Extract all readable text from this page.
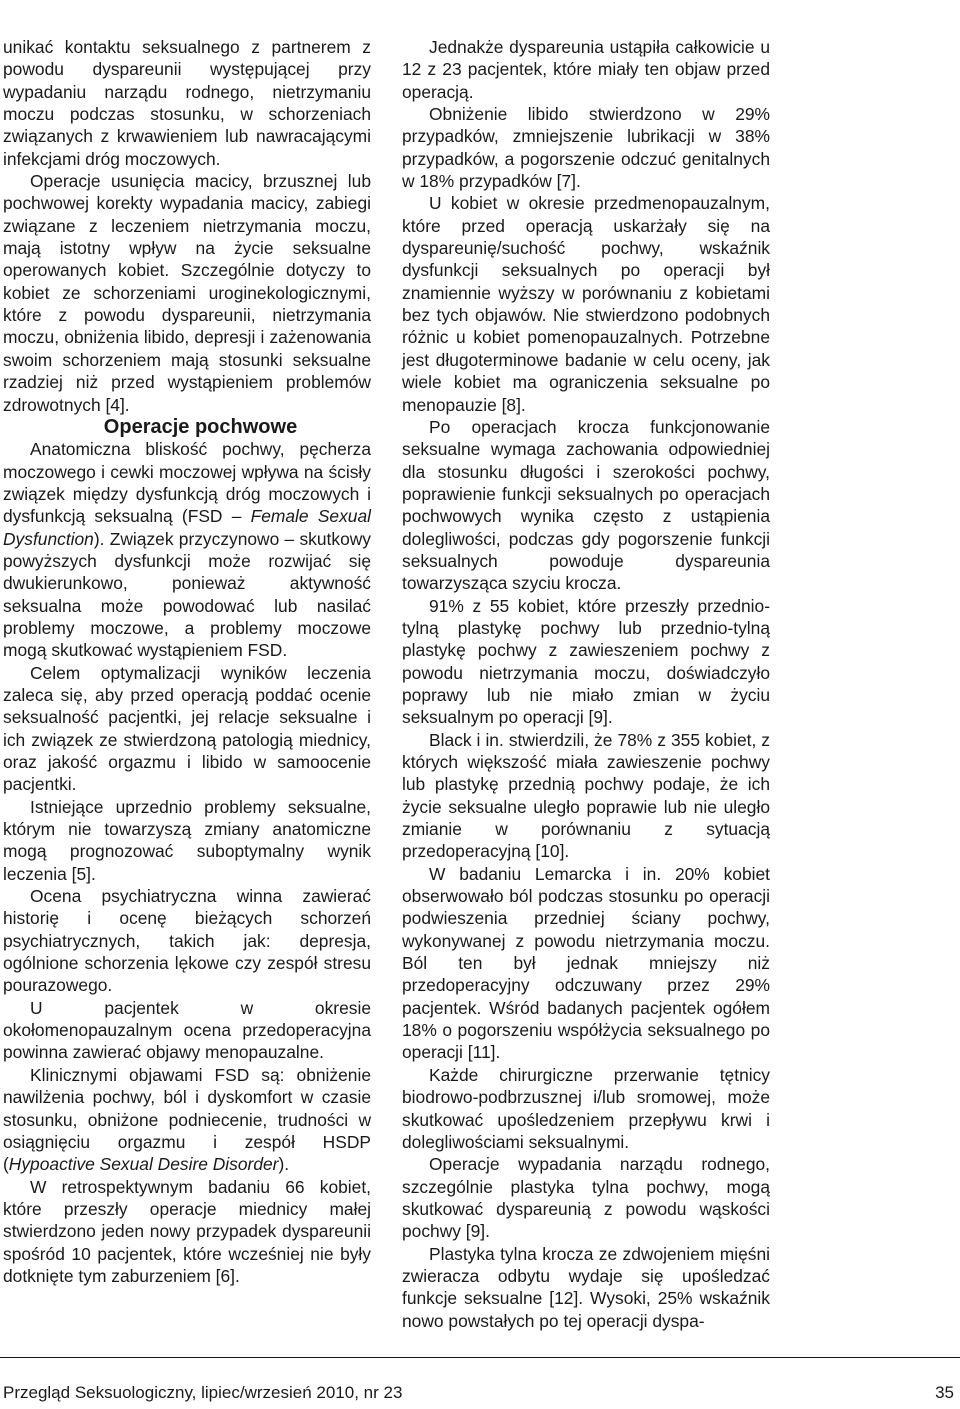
unikać kontaktu seksualnego z partnerem z powodu dyspareunii występującej przy wypadaniu narządu rodnego, nietrzymaniu moczu podczas stosunku, w schorzeniach związanych z krwawieniem lub nawracającymi infekcjami dróg moczowych.

Operacje usunięcia macicy, brzusznej lub pochwowej korekty wypadania macicy, zabiegi związane z leczeniem nietrzymania moczu, mają istotny wpływ na życie seksualne operowanych kobiet. Szczególnie dotyczy to kobiet ze schorzeniami uroginekologicznymi, które z powodu dyspareunii, nietrzymania moczu, obniżenia libido, depresji i zażenowania swoim schorzeniem mają stosunki seksualne rzadziej niż przed wystąpieniem problemów zdrowotnych [4].

Operacje pochwowe

Anatomiczna bliskość pochwy, pęcherza moczowego i cewki moczowej wpływa na ścisły związek między dysfunkcją dróg moczowych i dysfunkcją seksualną (FSD – Female Sexual Dysfunction). Związek przyczynowo – skutkowy powyższych dysfunkcji może rozwijać się dwukierunkowo, ponieważ aktywność seksualna może powodować lub nasilać problemy moczowe, a problemy moczowe mogą skutkować wystąpieniem FSD.

Celem optymalizacji wyników leczenia zaleca się, aby przed operacją poddać ocenie seksualność pacjentki, jej relacje seksualne i ich związek ze stwierdzoną patologią miednicy, oraz jakość orgazmu i libido w samoocenie pacjentki.

Istniejące uprzednio problemy seksualne, którym nie towarzyszą zmiany anatomiczne mogą prognozować suboptymalny wynik leczenia [5].

Ocena psychiatryczna winna zawierać historię i ocenę bieżących schorzeń psychiatrycznych, takich jak: depresja, ogólnione schorzenia lękowe czy zespół stresu pourazowego.

U pacjentek w okresie okołomenopauzalnym ocena przedoperacyjna powinna zawierać objawy menopauzalne.

Klinicznymi objawami FSD są: obniżenie nawilżenia pochwy, ból i dyskomfort w czasie stosunku, obniżone podniecenie, trudności w osiągnięciu orgazmu i zespół HSDP (Hypoactive Sexual Desire Disorder).

W retrospektywnym badaniu 66 kobiet, które przeszły operacje miednicy małej stwierdzono jeden nowy przypadek dyspareunii spośród 10 pacjentek, które wcześniej nie były dotknięte tym zaburzeniem [6].

Jednakże dyspareunia ustąpiła całkowicie u 12 z 23 pacjentek, które miały ten objaw przed operacją.

Obniżenie libido stwierdzono w 29% przypadków, zmniejszenie lubrikacji w 38% przypadków, a pogorszenie odczuć genitalnych w 18% przypadków [7].

U kobiet w okresie przedmenopauzalnym, które przed operacją uskarżały się na dyspareunię/suchość pochwy, wskaźnik dysfunkcji seksualnych po operacji był znamiennie wyższy w porównaniu z kobietami bez tych objawów. Nie stwierdzono podobnych różnic u kobiet pomenopauzalnych. Potrzebne jest długoterminowe badanie w celu oceny, jak wiele kobiet ma ograniczenia seksualne po menopauzie [8].

Po operacjach krocza funkcjonowanie seksualne wymaga zachowania odpowiedniej dla stosunku długości i szerokości pochwy, poprawienie funkcji seksualnych po operacjach pochwowych wynika często z ustąpienia dolegliwości, podczas gdy pogorszenie funkcji seksualnych powoduje dyspareunia towarzysząca szyciu krocza.

91% z 55 kobiet, które przeszły przednio-tylną plastykę pochwy lub przednio-tylną plastykę pochwy z zawieszeniem pochwy z powodu nietrzymania moczu, doświadczyło poprawy lub nie miało zmian w życiu seksualnym po operacji [9].

Black i in. stwierdzili, że 78% z 355 kobiet, z których większość miała zawieszenie pochwy lub plastykę przednią pochwy podaje, że ich życie seksualne uległo poprawie lub nie uległo zmianie w porównaniu z sytuacją przedoperacyjną [10].

W badaniu Lemarcka i in. 20% kobiet obserwowało ból podczas stosunku po operacji podwieszenia przedniej ściany pochwy, wykonywanej z powodu nietrzymania moczu. Ból ten był jednak mniejszy niż przedoperacyjny odczuwany przez 29% pacjentek. Wśród badanych pacjentek ogółem 18% o pogorszeniu współżycia seksualnego po operacji [11].

Każde chirurgiczne przerwanie tętnicy biodrowo-podbrzusznej i/lub sromowej, może skutkować upośledzeniem przepływu krwi i dolegliwościami seksualnymi.

Operacje wypadania narządu rodnego, szczególnie plastyka tylna pochwy, mogą skutkować dyspareunią z powodu wąskości pochwy [9].

Plastyka tylna krocza ze zdwojeniem mięśni zwieracza odbytu wydaje się upośledzać funkcje seksualne [12]. Wysoki, 25% wskaźnik nowo powstałych po tej operacji dyspa-

Przegląd Seksuologiczny, lipiec/wrzesień 2010, nr 23	35
